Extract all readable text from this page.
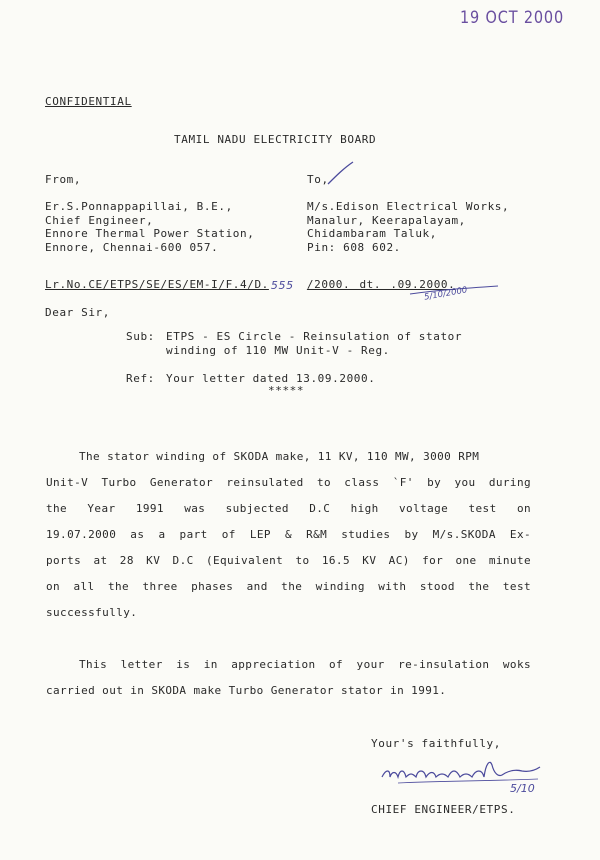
19 OCT 2000
CONFIDENTIAL
TAMIL NADU ELECTRICITY BOARD
From,
Er.S.Ponnappapillai, B.E.,
Chief Engineer,
Ennore Thermal Power Station,
Ennore, Chennai-600 057.
To,
M/s.Edison Electrical Works,
Manalur, Keerapalayam,
Chidambaram Taluk,
Pin: 608 602.
Lr.No.CE/ETPS/SE/ES/EM-I/F.4/D. 555 /2000. dt. .09.2000.
5/10/2000
Dear Sir,
Sub: ETPS - ES Circle - Reinsulation of stator
winding of 110 MW Unit-V - Reg.
Ref: Your letter dated 13.09.2000.
*****
The stator winding of SKODA make, 11 KV, 110 MW, 3000 RPM
Unit-V Turbo Generator reinsulated to class `F' by you during
the Year 1991 was subjected D.C high voltage test on
19.07.2000 as a part of LEP & R&M studies by M/s.SKODA Ex-
ports at 28 KV D.C (Equivalent to 16.5 KV AC) for one minute
on all the three phases and the winding with stood the test
successfully.
This letter is in appreciation of your re-insulation woks
carried out in SKODA make Turbo Generator stator in 1991.
Your's faithfully,
5/10
CHIEF ENGINEER/ETPS.
